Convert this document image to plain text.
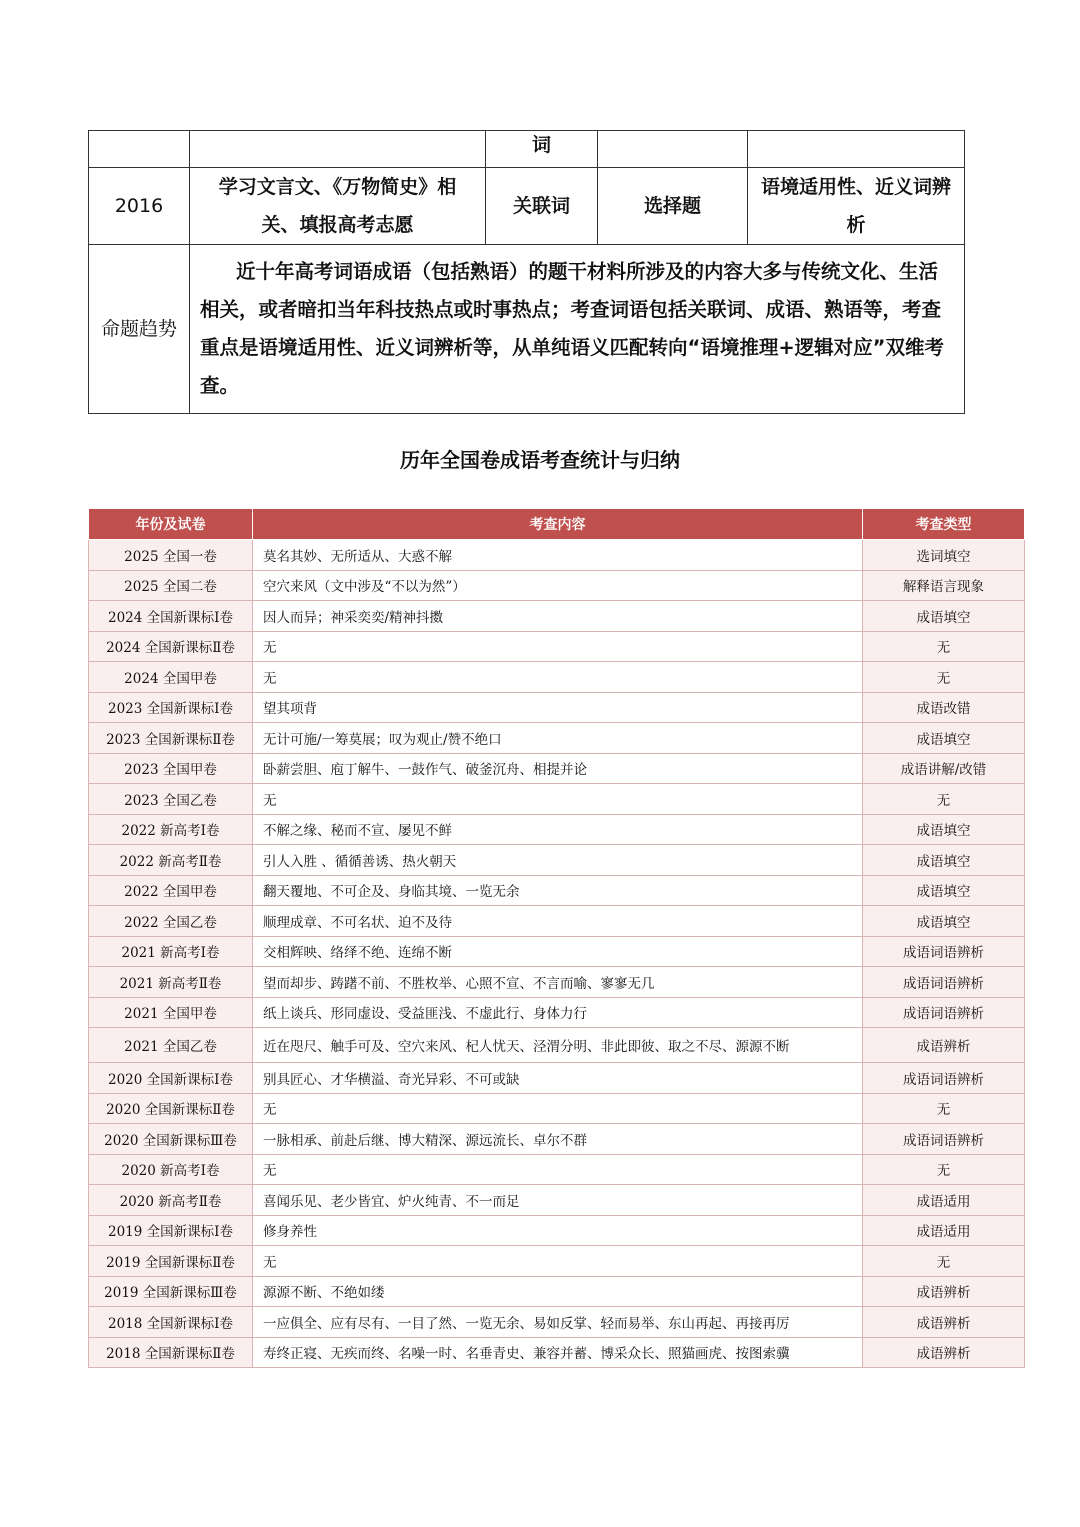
		词		
2016	学习文言文、《万物简史》相关、填报高考志愿	关联词	选择题	语境适用性、近义词辨析
命题趋势	近十年高考词语成语（包括熟语）的题干材料所涉及的内容大多与传统文化、生活相关，或者暗扣当年科技热点或时事热点；考查词语包括关联词、成语、熟语等，考查重点是语境适用性、近义词辨析等，从单纯语义匹配转向“语境推理+逻辑对应”双维考查。			
历年全国卷成语考查统计与归纳
年份及试卷	考查内容	考查类型
2025 全国一卷	莫名其妙、无所适从、大惑不解	选词填空
2025 全国二卷	空穴来风（文中涉及“不以为然”）	解释语言现象
2024 全国新课标Ⅰ卷	因人而异；神采奕奕/精神抖擞	成语填空
2024 全国新课标Ⅱ卷	无	无
2024 全国甲卷	无	无
2023 全国新课标Ⅰ卷	望其项背	成语改错
2023 全国新课标Ⅱ卷	无计可施/一筹莫展；叹为观止/赞不绝口	成语填空
2023 全国甲卷	卧薪尝胆、庖丁解牛、一鼓作气、破釜沉舟、相提并论	成语讲解/改错
2023 全国乙卷	无	无
2022 新高考Ⅰ卷	不解之缘、秘而不宣、屡见不鲜	成语填空
2022 新高考Ⅱ卷	引人入胜 、循循善诱、热火朝天	成语填空
2022 全国甲卷	翻天覆地、不可企及、身临其境、一览无余	成语填空
2022 全国乙卷	顺理成章、不可名状、迫不及待	成语填空
2021 新高考Ⅰ卷	交相辉映、络绎不绝、连绵不断	成语词语辨析
2021 新高考Ⅱ卷	望而却步、踌躇不前、不胜枚举、心照不宣、不言而喻、寥寥无几	成语词语辨析
2021 全国甲卷	纸上谈兵、形同虚设、受益匪浅、不虚此行、身体力行	成语词语辨析
2021 全国乙卷	近在咫尺、触手可及、空穴来风、杞人忧天、泾渭分明、非此即彼、取之不尽、源源不断	成语辨析
2020 全国新课标Ⅰ卷	别具匠心、才华横溢、奇光异彩、不可或缺	成语词语辨析
2020 全国新课标Ⅱ卷	无	无
2020 全国新课标Ⅲ卷	一脉相承、前赴后继、博大精深、源远流长、卓尔不群	成语词语辨析
2020 新高考Ⅰ卷	无	无
2020 新高考Ⅱ卷	喜闻乐见、老少皆宜、炉火纯青、不一而足	成语适用
2019 全国新课标Ⅰ卷	修身养性	成语适用
2019 全国新课标Ⅱ卷	无	无
2019 全国新课标Ⅲ卷	源源不断、不绝如缕	成语辨析
2018 全国新课标Ⅰ卷	一应俱全、应有尽有、一目了然、一览无余、易如反掌、轻而易举、东山再起、再接再厉	成语辨析
2018 全国新课标Ⅱ卷	寿终正寝、无疾而终、名噪一时、名垂青史、兼容并蓄、博采众长、照猫画虎、按图索骥	成语辨析
